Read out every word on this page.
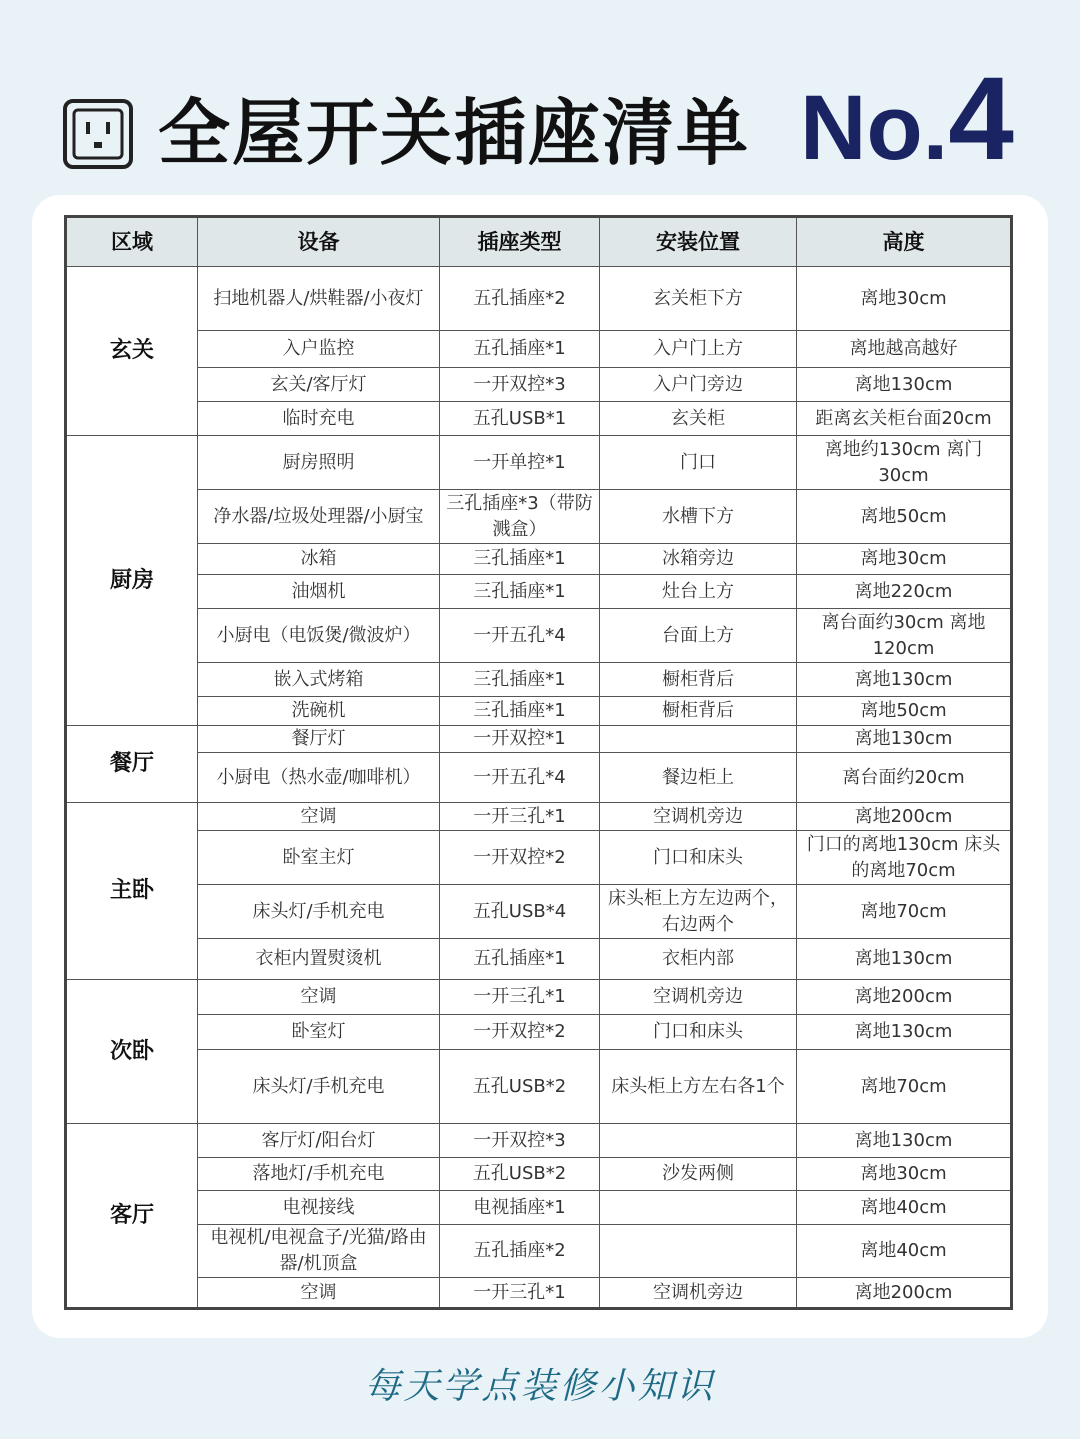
全屋开关插座清单 No.4
区域	设备	插座类型	安装位置	高度
玄关	扫地机器人/烘鞋器/小夜灯	五孔插座*2	玄关柜下方	离地30cm
	入户监控	五孔插座*1	入户门上方	离地越高越好
	玄关/客厅灯	一开双控*3	入户门旁边	离地130cm
	临时充电	五孔USB*1	玄关柜	距离玄关柜台面20cm
厨房	厨房照明	一开单控*1	门口	离地约130cm 离门30cm
	净水器/垃圾处理器/小厨宝	三孔插座*3（带防溅盒）	水槽下方	离地50cm
	冰箱	三孔插座*1	冰箱旁边	离地30cm
	油烟机	三孔插座*1	灶台上方	离地220cm
	小厨电（电饭煲/微波炉）	一开五孔*4	台面上方	离台面约30cm 离地120cm
	嵌入式烤箱	三孔插座*1	橱柜背后	离地130cm
	洗碗机	三孔插座*1	橱柜背后	离地50cm
餐厅	餐厅灯	一开双控*1		离地130cm
	小厨电（热水壶/咖啡机）	一开五孔*4	餐边柜上	离台面约20cm
主卧	空调	一开三孔*1	空调机旁边	离地200cm
	卧室主灯	一开双控*2	门口和床头	门口的离地130cm 床头的离地70cm
	床头灯/手机充电	五孔USB*4	床头柜上方左边两个，右边两个	离地70cm
	衣柜内置熨烫机	五孔插座*1	衣柜内部	离地130cm
次卧	空调	一开三孔*1	空调机旁边	离地200cm
	卧室灯	一开双控*2	门口和床头	离地130cm
	床头灯/手机充电	五孔USB*2	床头柜上方左右各1个	离地70cm
客厅	客厅灯/阳台灯	一开双控*3		离地130cm
	落地灯/手机充电	五孔USB*2	沙发两侧	离地30cm
	电视接线	电视插座*1		离地40cm
	电视机/电视盒子/光猫/路由器/机顶盒	五孔插座*2		离地40cm
	空调	一开三孔*1	空调机旁边	离地200cm
每天学点装修小知识
